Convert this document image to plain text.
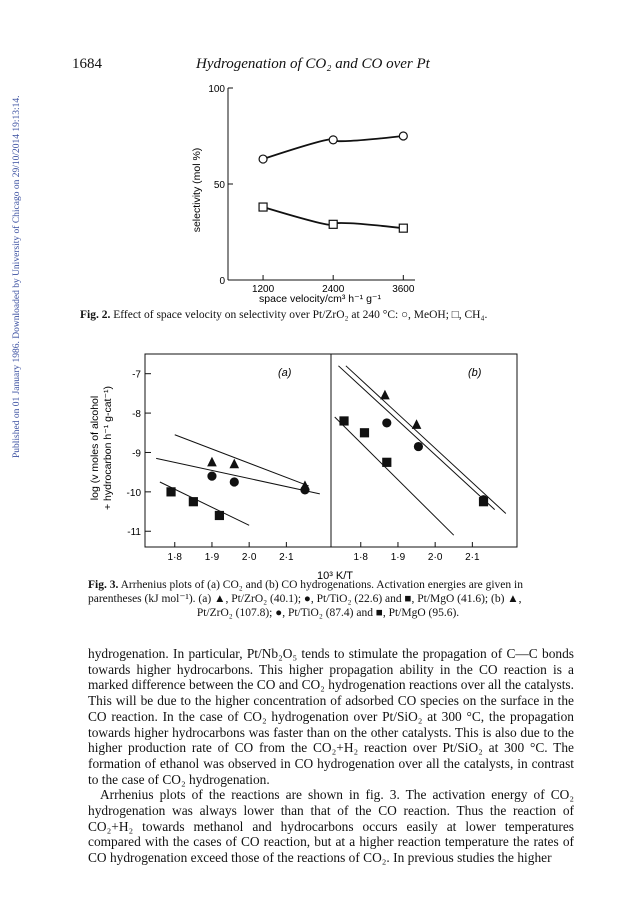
Published on 01 January 1986. Downloaded by University of Chicago on 29/10/2014 19:13:14.
1684	Hydrogenation of CO₂ and CO over Pt
0
50
100
1200	2400	3600
selectivity (mol %)
space velocity/cm³ h⁻¹ g⁻¹
Fig. 2. Effect of space velocity on selectivity over Pt/ZrO₂ at 240 °C: ○, MeOH; □, CH₄.
-7
-8
-9
-10
-11
1·8 1·9 2·0 2·1	1·8 1·9 2·0 2·1
(a)	(b)
log (v moles of alcohol + hydrocarbon h⁻¹ g-cat⁻¹)
10³ K/T
Fig. 3. Arrhenius plots of (a) CO₂ and (b) CO hydrogenations. Activation energies are given in
parentheses (kJ mol⁻¹). (a) ▲, Pt/ZrO₂ (40.1); ●, Pt/TiO₂ (22.6) and ■, Pt/MgO (41.6); (b) ▲,
Pt/ZrO₂ (107.8); ●, Pt/TiO₂ (87.4) and ■, Pt/MgO (95.6).

hydrogenation. In particular, Pt/Nb₂O₅ tends to stimulate the propagation of C—C bonds towards higher hydrocarbons. This higher propagation ability in the CO reaction is a marked difference between the CO and CO₂ hydrogenation reactions over all the catalysts. This will be due to the higher concentration of adsorbed CO species on the surface in the CO reaction. In the case of CO₂ hydrogenation over Pt/SiO₂ at 300 °C, the propagation towards higher hydrocarbons was faster than on the other catalysts. This is also due to the higher production rate of CO from the CO₂+H₂ reaction over Pt/SiO₂ at 300 °C. The formation of ethanol was observed in CO hydrogenation over all the catalysts, in contrast to the case of CO₂ hydrogenation.

Arrhenius plots of the reactions are shown in fig. 3. The activation energy of CO₂ hydrogenation was always lower than that of the CO reaction. Thus the reaction of CO₂+H₂ towards methanol and hydrocarbons occurs easily at lower temperatures compared with the cases of CO reaction, but at a higher reaction temperature the rates of CO hydrogenation exceed those of the reactions of CO₂. In previous studies the higher
